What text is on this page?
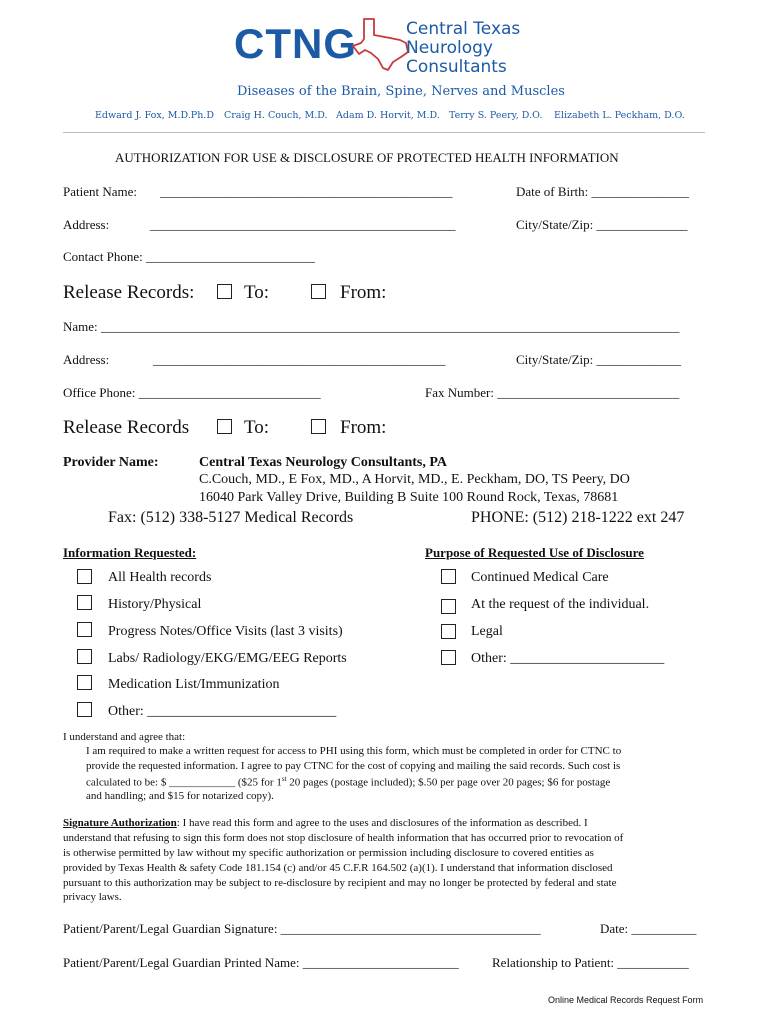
CTNG	Central Texas
Neurology
Consultants
Diseases of the Brain, Spine, Nerves and Muscles
Edward J. Fox, M.D.Ph.D Craig H. Couch, M.D. Adam D. Horvit, M.D. Terry S. Peery, D.O. Elizabeth L. Peckham, D.O.
AUTHORIZATION FOR USE & DISCLOSURE OF PROTECTED HEALTH INFORMATION
Patient Name: _____________________________________________	Date of Birth: _______________
Address:	_______________________________________________	City/State/Zip: ______________
Contact Phone: __________________________
Release Records:	To:	From:
Name: _________________________________________________________________________________________
Address:	_____________________________________________	City/State/Zip: _____________
Office Phone: ____________________________	Fax Number: ____________________________
Release Records	To:	From:
Provider Name:	Central Texas Neurology Consultants, PA
C.Couch, MD., E Fox, MD., A Horvit, MD., E. Peckham, DO, TS Peery, DO
16040 Park Valley Drive, Building B Suite 100 Round Rock, Texas, 78681
Fax: (512) 338-5127 Medical Records	PHONE: (512) 218-1222 ext 247
Information Requested:	Purpose of Requested Use of Disclosure
All Health records
History/Physical
Progress Notes/Office Visits (last 3 visits)
Labs/ Radiology/EKG/EMG/EEG Reports
Medication List/Immunization
Other: ___________________________
Continued Medical Care
At the request of the individual.
Legal
Other: ______________________
I understand and agree that:
I am required to make a written request for access to PHI using this form, which must be completed in order for CTNC to
provide the requested information. I agree to pay CTNC for the cost of copying and mailing the said records. Such cost is
calculated to be: $ ____________ ($25 for 1st 20 pages (postage included); $.50 per page over 20 pages; $6 for postage
and handling; and $15 for notarized copy).
Signature Authorization: I have read this form and agree to the uses and disclosures of the information as described. I
understand that refusing to sign this form does not stop disclosure of health information that has occurred prior to revocation of
is otherwise permitted by law without my specific authorization or permission including disclosure to covered entities as
provided by Texas Health & safety Code 181.154 (c) and/or 45 C.F.R 164.502 (a)(1). I understand that information disclosed
pursuant to this authorization may be subject to re-disclosure by recipient and may no longer be protected by federal and state
privacy laws.
Patient/Parent/Legal Guardian Signature: ________________________________________	Date: __________
Patient/Parent/Legal Guardian Printed Name: ________________________	Relationship to Patient: ___________
Online Medical Records Request Form
